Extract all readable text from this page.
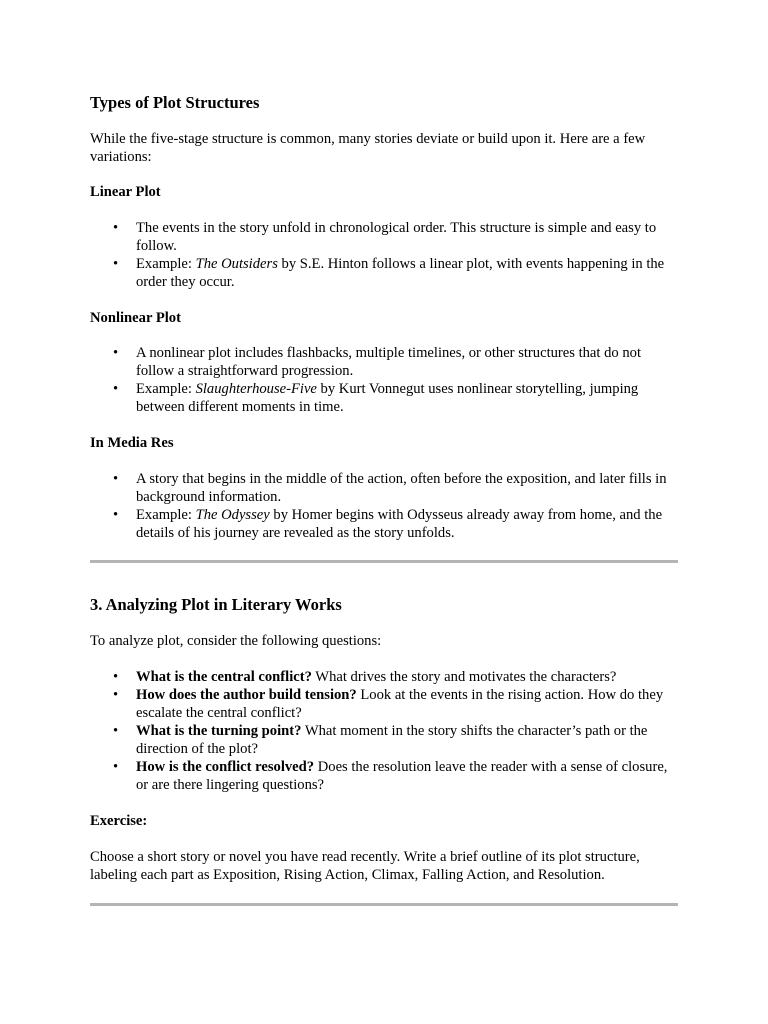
Types of Plot Structures

While the five-stage structure is common, many stories deviate or build upon it. Here are a few variations:

Linear Plot

• The events in the story unfold in chronological order. This structure is simple and easy to follow.
• Example: The Outsiders by S.E. Hinton follows a linear plot, with events happening in the order they occur.

Nonlinear Plot

• A nonlinear plot includes flashbacks, multiple timelines, or other structures that do not follow a straightforward progression.
• Example: Slaughterhouse-Five by Kurt Vonnegut uses nonlinear storytelling, jumping between different moments in time.

In Media Res

• A story that begins in the middle of the action, often before the exposition, and later fills in background information.
• Example: The Odyssey by Homer begins with Odysseus already away from home, and the details of his journey are revealed as the story unfolds.
3. Analyzing Plot in Literary Works

To analyze plot, consider the following questions:

• What is the central conflict? What drives the story and motivates the characters?
• How does the author build tension? Look at the events in the rising action. How do they escalate the central conflict?
• What is the turning point? What moment in the story shifts the character’s path or the direction of the plot?
• How is the conflict resolved? Does the resolution leave the reader with a sense of closure, or are there lingering questions?

Exercise:

Choose a short story or novel you have read recently. Write a brief outline of its plot structure, labeling each part as Exposition, Rising Action, Climax, Falling Action, and Resolution.
